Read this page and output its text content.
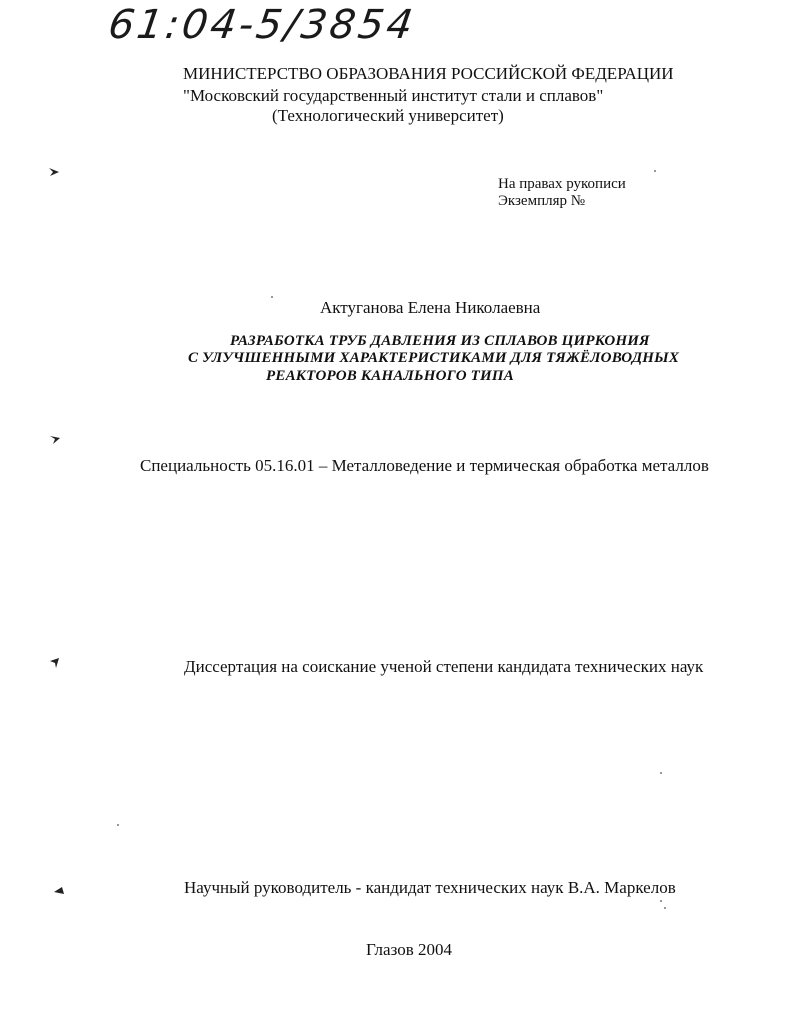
61:04-5/3854
МИНИСТЕРСТВО ОБРАЗОВАНИЯ РОССИЙСКОЙ ФЕДЕРАЦИИ
"Московский государственный институт стали и сплавов"
(Технологический университет)
На правах рукописи
Экземпляр №
Актуганова Елена Николаевна
РАЗРАБОТКА ТРУБ ДАВЛЕНИЯ ИЗ СПЛАВОВ ЦИРКОНИЯ
С УЛУЧШЕННЫМИ ХАРАКТЕРИСТИКАМИ ДЛЯ ТЯЖЁЛОВОДНЫХ
РЕАКТОРОВ КАНАЛЬНОГО ТИПА
Специальность 05.16.01 – Металловедение и термическая обработка металлов
Диссертация на соискание ученой степени кандидата технических наук
Научный руководитель - кандидат технических наук В.А. Маркелов
Глазов 2004
